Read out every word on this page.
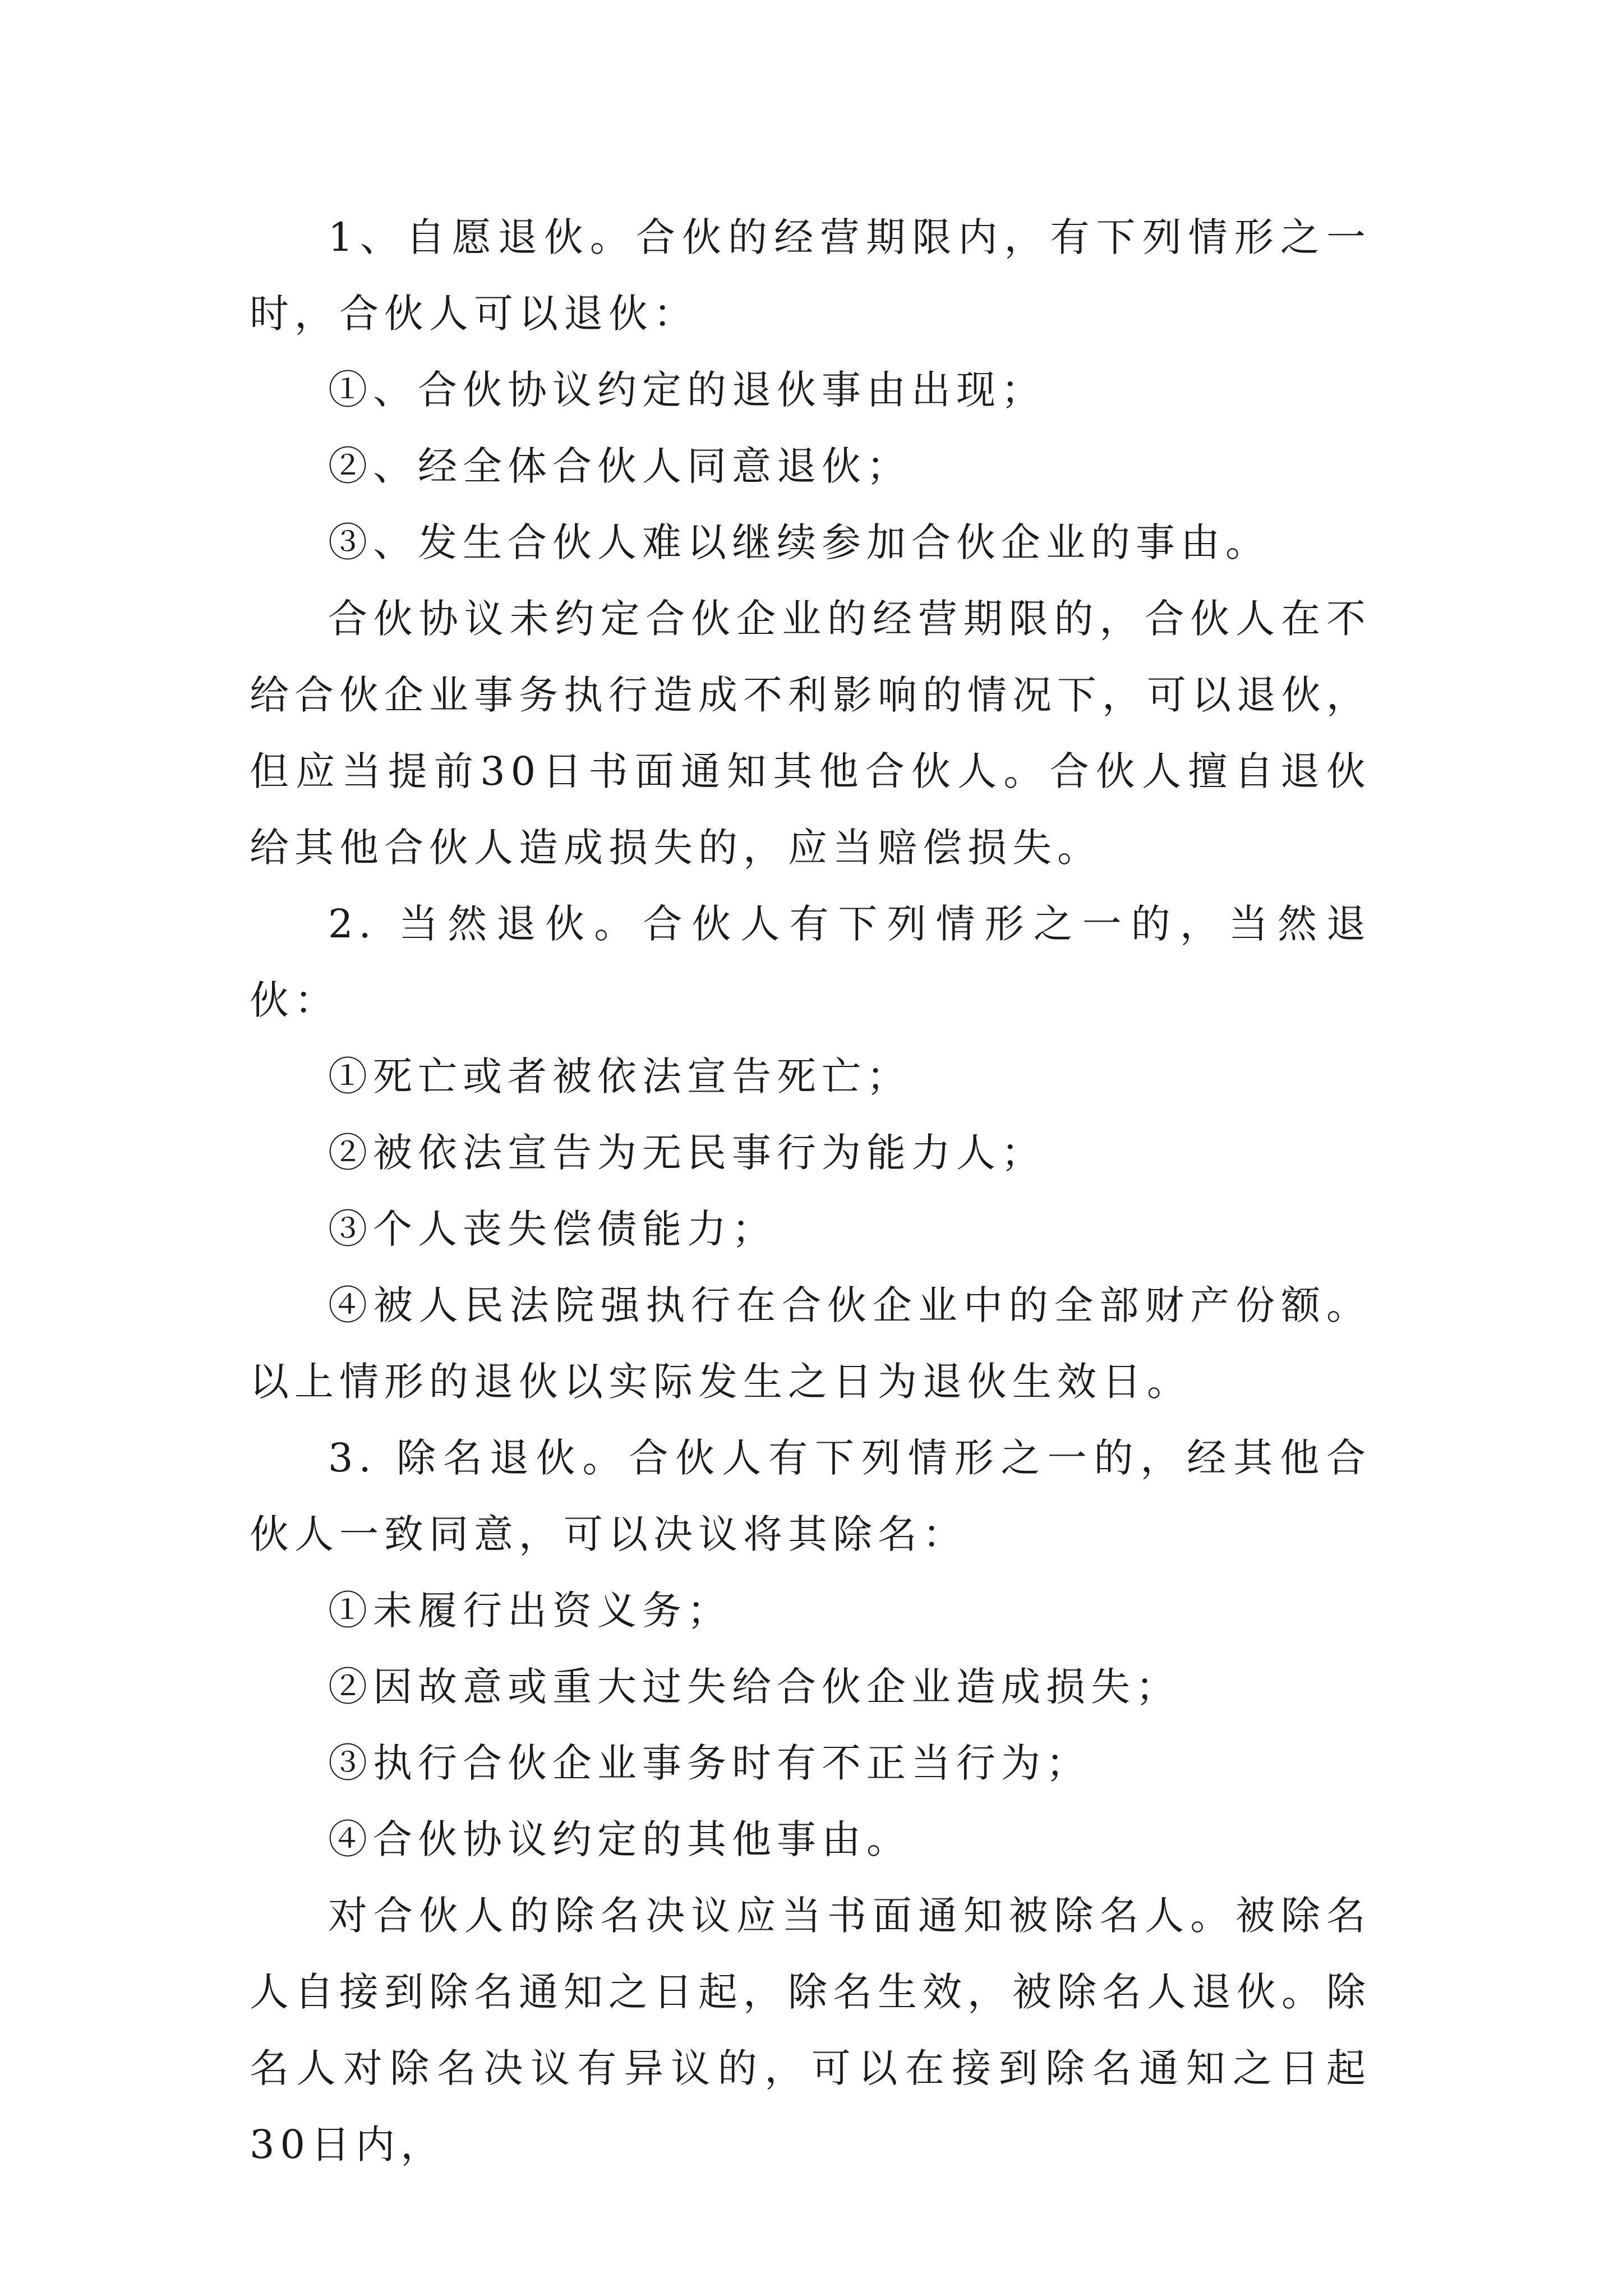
1、自愿退伙。合伙的经营期限内，有下列情形之一时，合伙人可以退伙：

①、合伙协议约定的退伙事由出现；

②、经全体合伙人同意退伙；

③、发生合伙人难以继续参加合伙企业的事由。

合伙协议未约定合伙企业的经营期限的，合伙人在不给合伙企业事务执行造成不利影响的情况下，可以退伙，但应当提前30日书面通知其他合伙人。合伙人擅自退伙给其他合伙人造成损失的，应当赔偿损失。

2. 当然退伙。合伙人有下列情形之一的，当然退伙：

①死亡或者被依法宣告死亡；

②被依法宣告为无民事行为能力人；

③个人丧失偿债能力；

④被人民法院强执行在合伙企业中的全部财产份额。以上情形的退伙以实际发生之日为退伙生效日。

3. 除名退伙。合伙人有下列情形之一的，经其他合伙人一致同意，可以决议将其除名：

①未履行出资义务；

②因故意或重大过失给合伙企业造成损失；

③执行合伙企业事务时有不正当行为；

④合伙协议约定的其他事由。

对合伙人的除名决议应当书面通知被除名人。被除名人自接到除名通知之日起，除名生效，被除名人退伙。除名人对除名决议有异议的，可以在接到除名通知之日起30日内，
